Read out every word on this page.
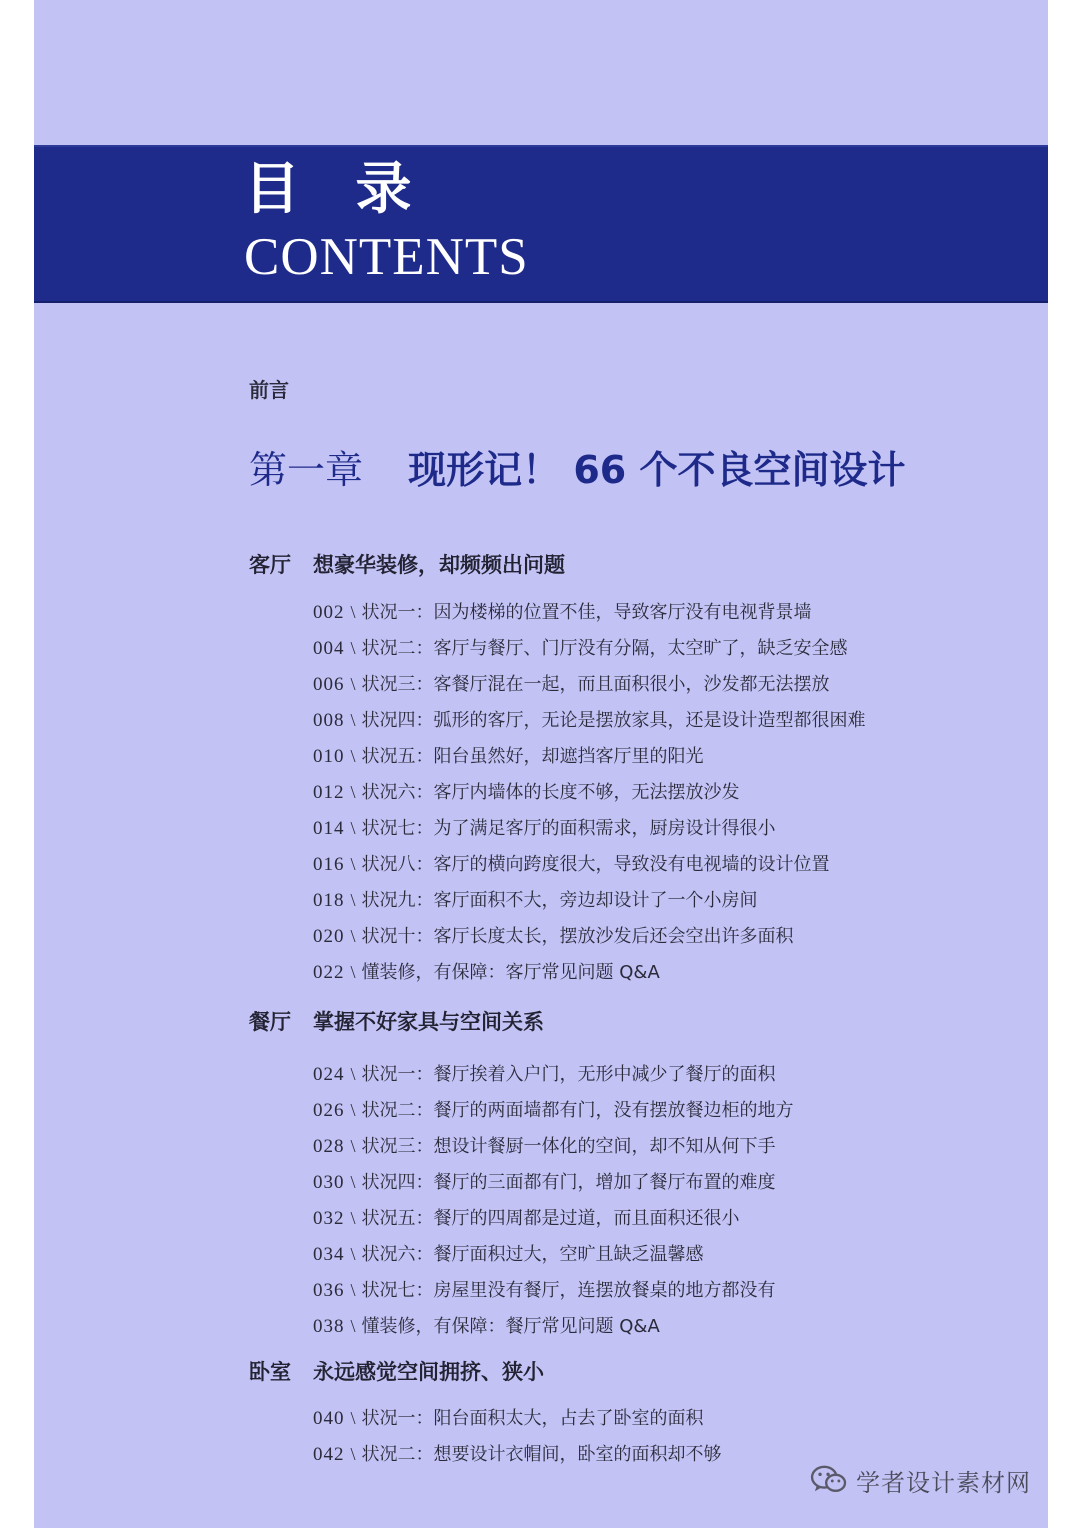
目 录
CONTENTS
前言
第一章 现形记！ 66 个不良空间设计
客厅 想豪华装修，却频频出问题
002 \ 状况一：因为楼梯的位置不佳，导致客厅没有电视背景墙
004 \ 状况二：客厅与餐厅、门厅没有分隔，太空旷了，缺乏安全感
006 \ 状况三：客餐厅混在一起，而且面积很小，沙发都无法摆放
008 \ 状况四：弧形的客厅，无论是摆放家具，还是设计造型都很困难
010 \ 状况五：阳台虽然好，却遮挡客厅里的阳光
012 \ 状况六：客厅内墙体的长度不够，无法摆放沙发
014 \ 状况七：为了满足客厅的面积需求，厨房设计得很小
016 \ 状况八：客厅的横向跨度很大，导致没有电视墙的设计位置
018 \ 状况九：客厅面积不大，旁边却设计了一个小房间
020 \ 状况十：客厅长度太长，摆放沙发后还会空出许多面积
022 \ 懂装修，有保障：客厅常见问题 Q&A
餐厅 掌握不好家具与空间关系
024 \ 状况一：餐厅挨着入户门，无形中减少了餐厅的面积
026 \ 状况二：餐厅的两面墙都有门，没有摆放餐边柜的地方
028 \ 状况三：想设计餐厨一体化的空间，却不知从何下手
030 \ 状况四：餐厅的三面都有门，增加了餐厅布置的难度
032 \ 状况五：餐厅的四周都是过道，而且面积还很小
034 \ 状况六：餐厅面积过大，空旷且缺乏温馨感
036 \ 状况七：房屋里没有餐厅，连摆放餐桌的地方都没有
038 \ 懂装修，有保障：餐厅常见问题 Q&A
卧室 永远感觉空间拥挤、狭小
040 \ 状况一：阳台面积太大，占去了卧室的面积
042 \ 状况二：想要设计衣帽间，卧室的面积却不够
学者设计素材网
